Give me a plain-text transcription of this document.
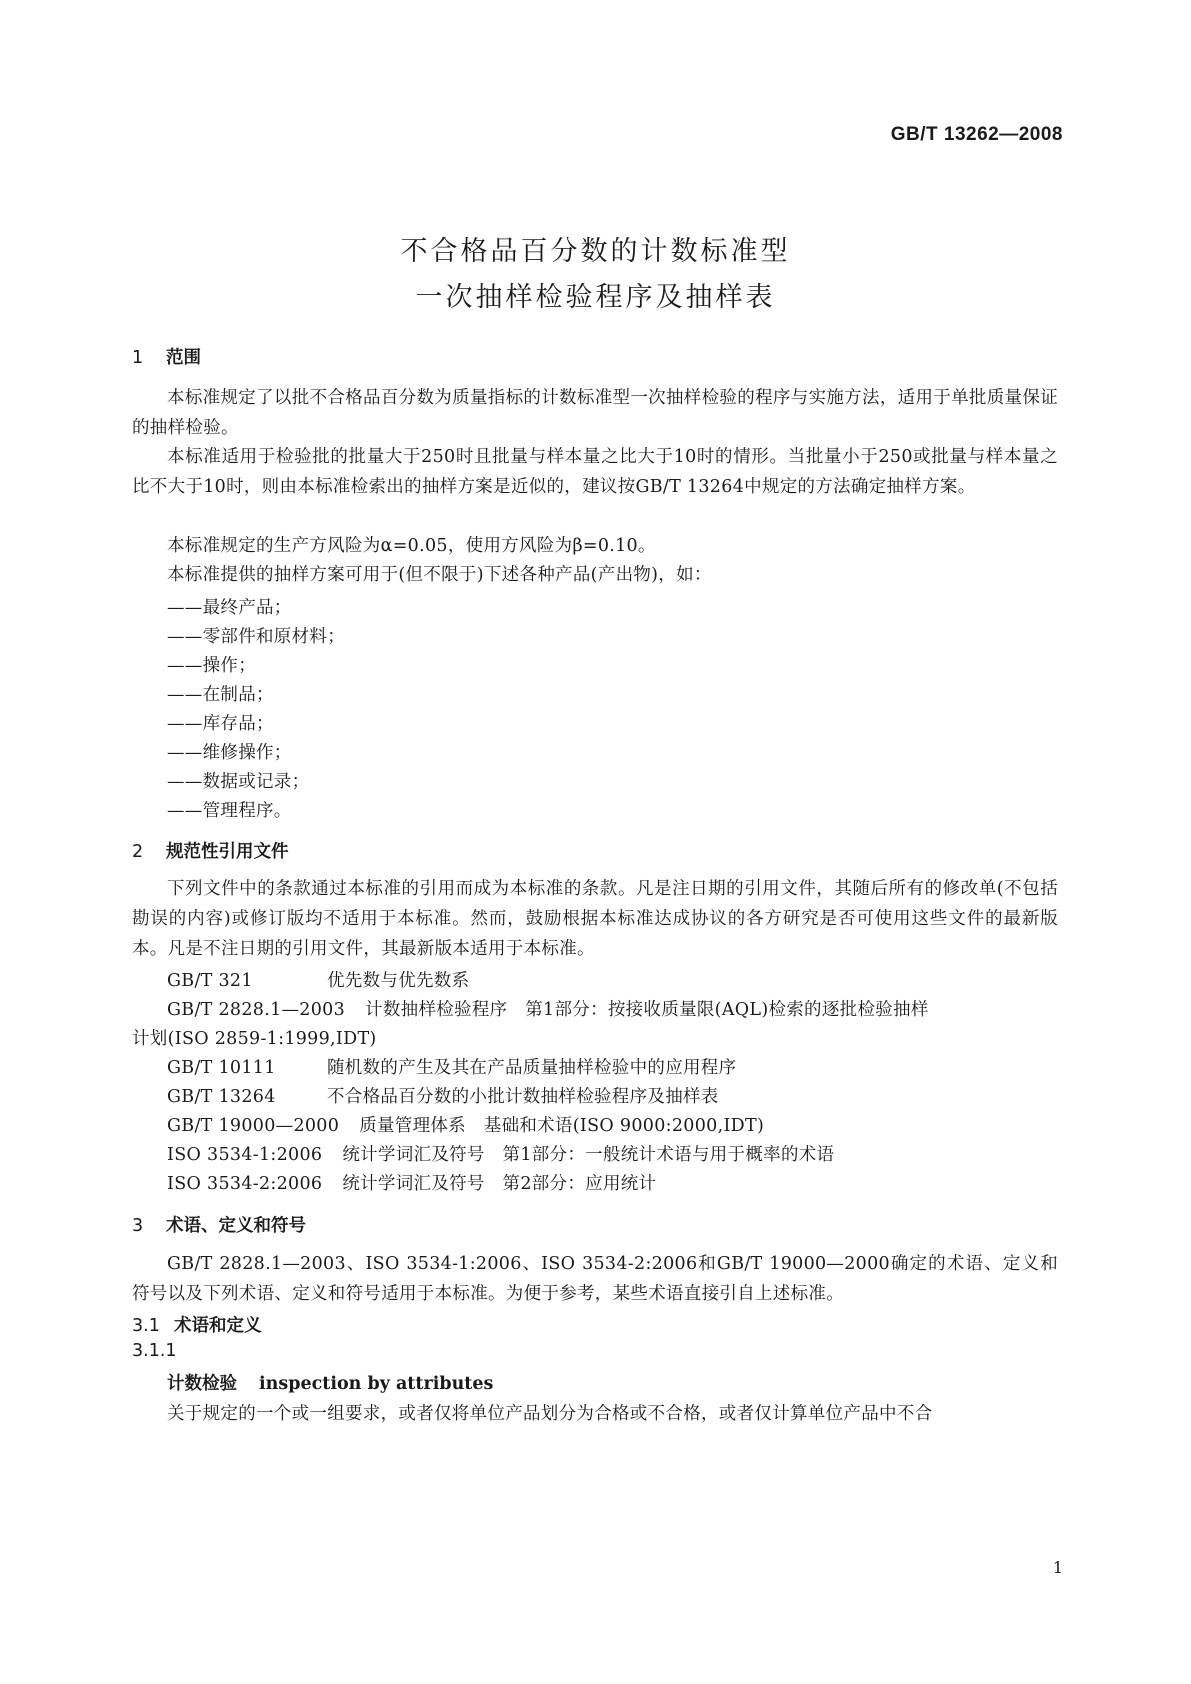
GB/T 13262—2008
不合格品百分数的计数标准型
一次抽样检验程序及抽样表
1 范围

本标准规定了以批不合格品百分数为质量指标的计数标准型一次抽样检验的程序与实施方法，适用于单批质量保证的抽样检验。

本标准适用于检验批的批量大于250时且批量与样本量之比大于10时的情形。当批量小于250或批量与样本量之比不大于10时，则由本标准检索出的抽样方案是近似的，建议按GB/T 13264中规定的方法确定抽样方案。

本标准规定的生产方风险为α=0.05，使用方风险为β=0.10。

本标准提供的抽样方案可用于(但不限于)下述各种产品(产出物)，如：

——最终产品；
——零部件和原材料；
——操作；
——在制品；
——库存品；
——维修操作；
——数据或记录；
——管理程序。
2 规范性引用文件

下列文件中的条款通过本标准的引用而成为本标准的条款。凡是注日期的引用文件，其随后所有的修改单(不包括勘误的内容)或修订版均不适用于本标准。然而，鼓励根据本标准达成协议的各方研究是否可使用这些文件的最新版本。凡是不注日期的引用文件，其最新版本适用于本标准。

GB/T 321	优先数与优先数系
GB/T 2828.1—2003 计数抽样检验程序　第1部分：按接收质量限(AQL)检索的逐批检验抽样
计划(ISO 2859-1:1999,IDT)
GB/T 10111	随机数的产生及其在产品质量抽样检验中的应用程序
GB/T 13264	不合格品百分数的小批计数抽样检验程序及抽样表
GB/T 19000—2000 质量管理体系　基础和术语(ISO 9000:2000,IDT)
ISO 3534-1:2006 统计学词汇及符号　第1部分：一般统计术语与用于概率的术语
ISO 3534-2:2006 统计学词汇及符号　第2部分：应用统计
3 术语、定义和符号

GB/T 2828.1—2003、ISO 3534-1:2006、ISO 3534-2:2006和GB/T 19000—2000确定的术语、定义和符号以及下列术语、定义和符号适用于本标准。为便于参考，某些术语直接引自上述标准。

3.1 术语和定义
3.1.1
计数检验 inspection by attributes

关于规定的一个或一组要求，或者仅将单位产品划分为合格或不合格，或者仅计算单位产品中不合

1
